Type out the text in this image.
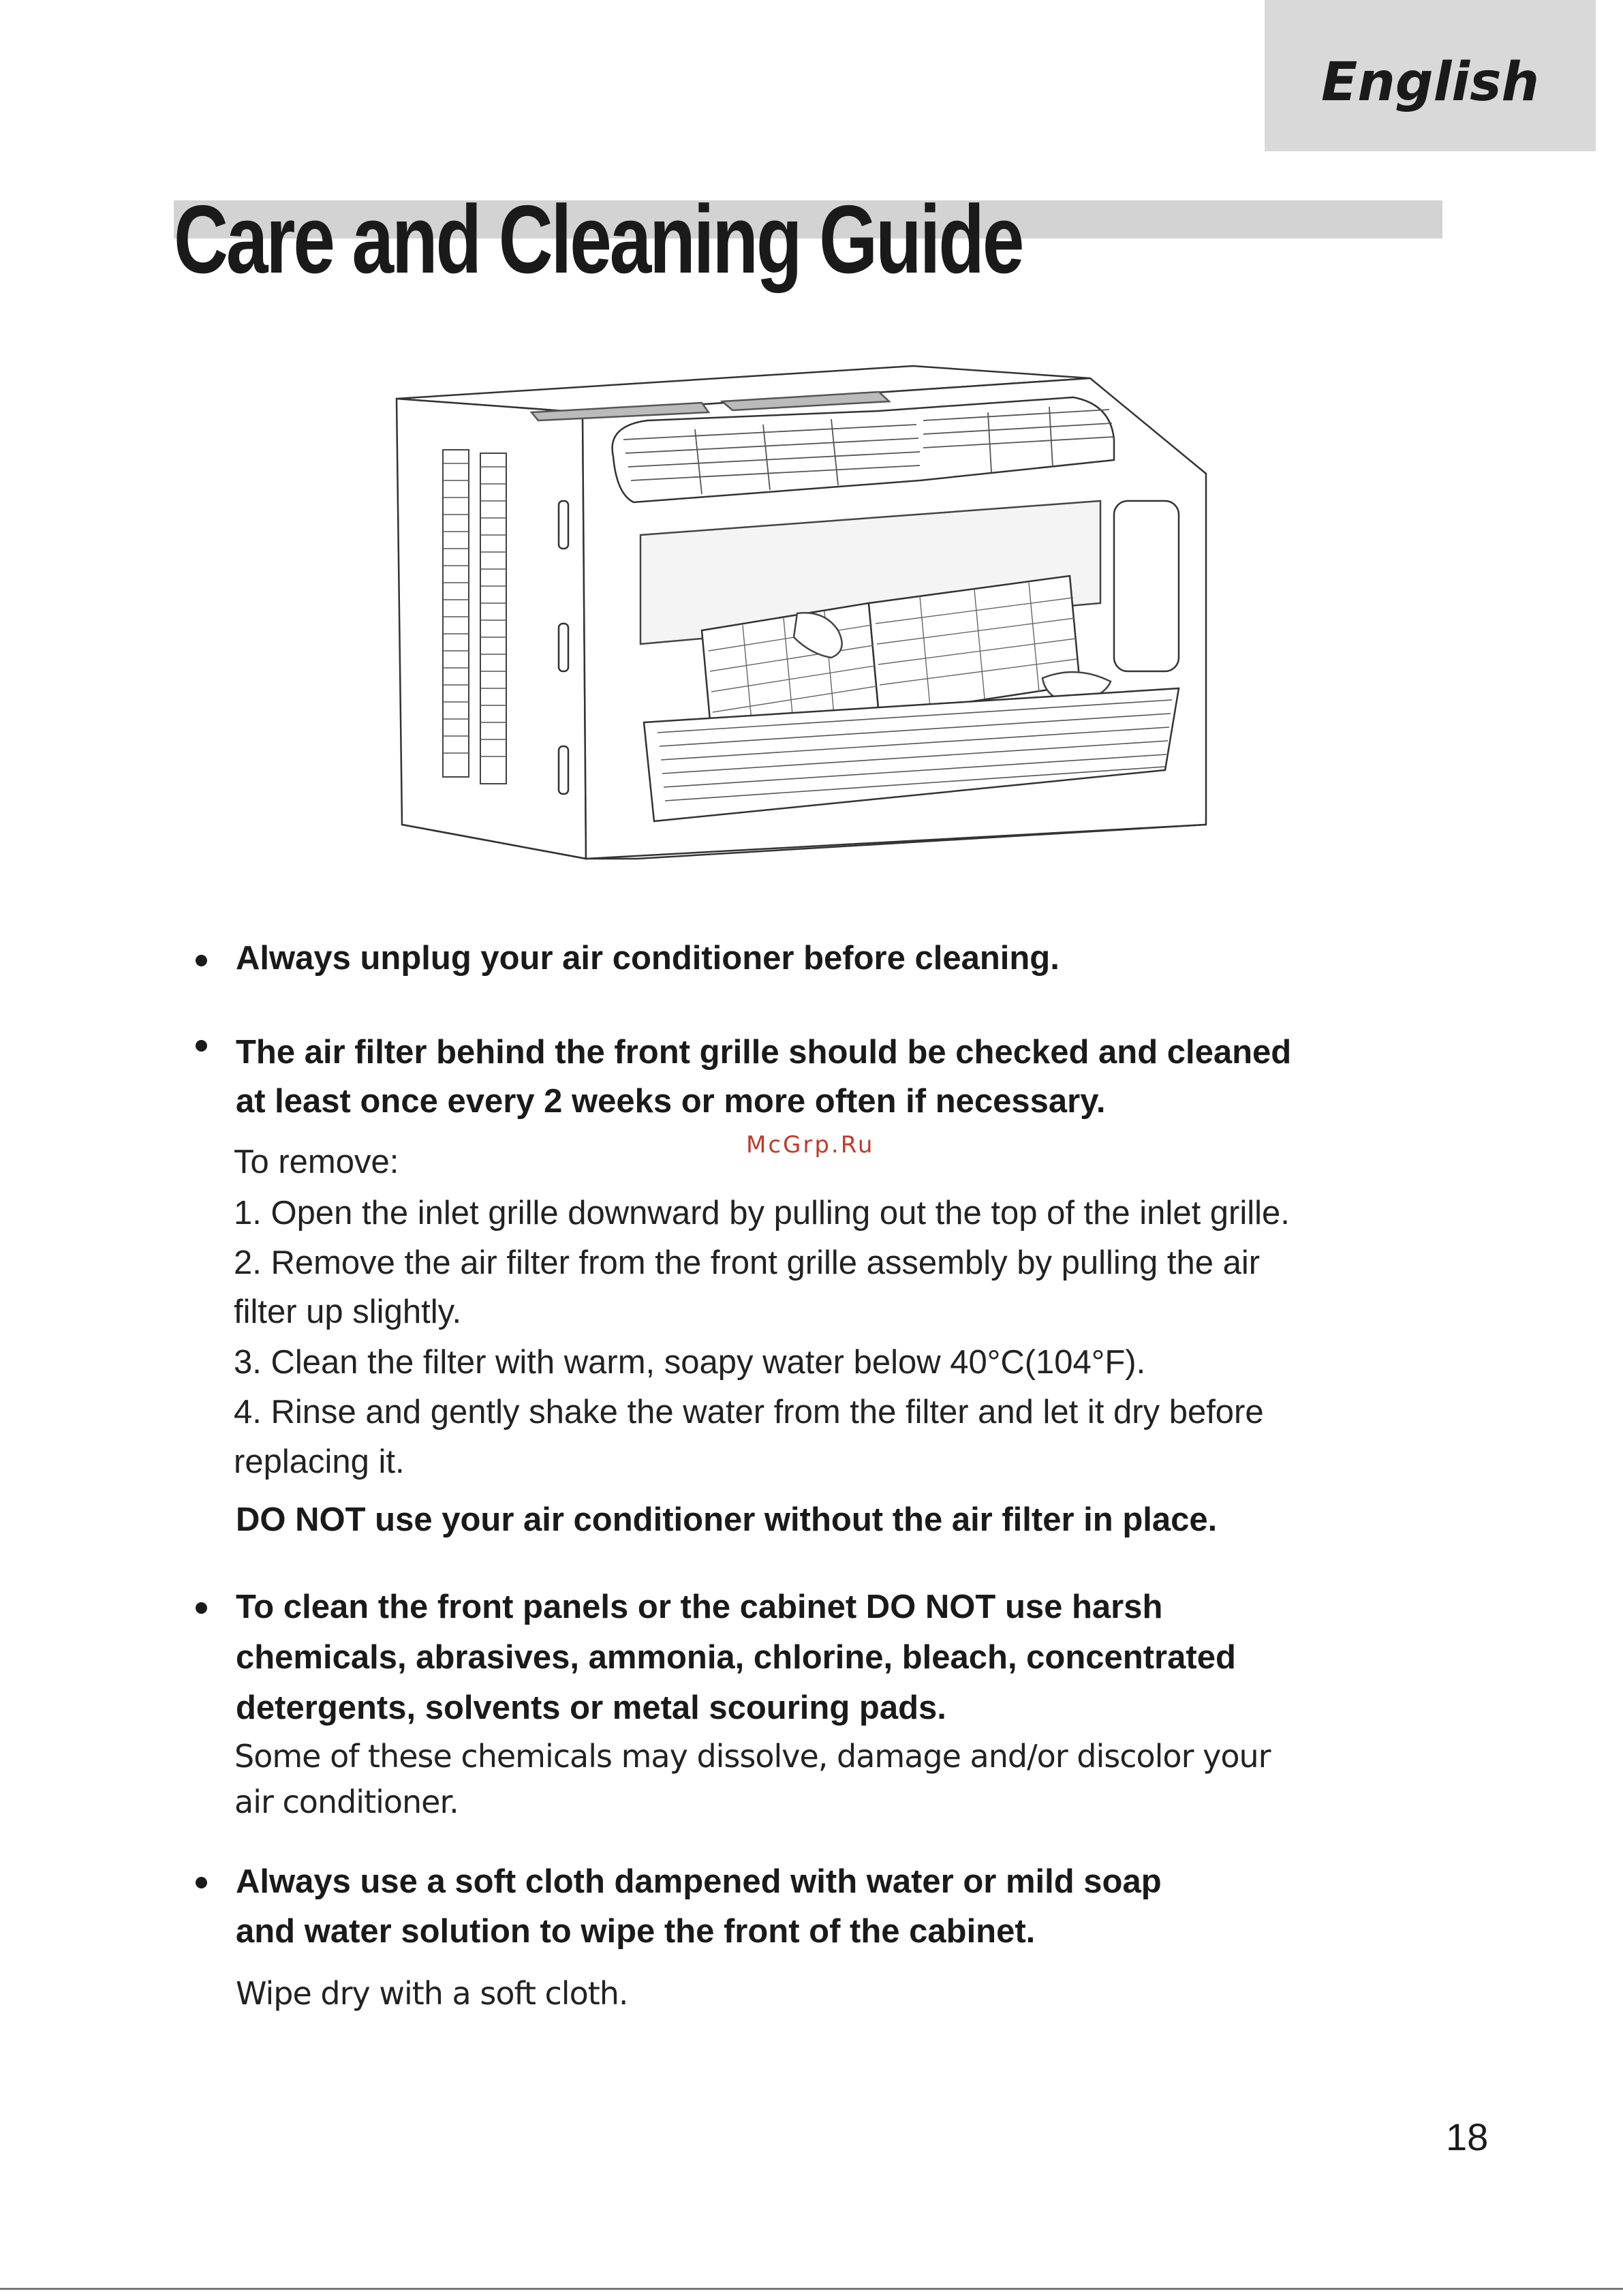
English
Care and Cleaning Guide
McGrp.Ru
Always unplug your air conditioner before cleaning.
The air filter behind the front grille should be checked and cleaned
at least once every 2 weeks or more often if necessary.
To remove:
1. Open the inlet grille downward by pulling out the top of the inlet grille.
2. Remove the air filter from the front grille assembly by pulling the air
filter up slightly.
3. Clean the filter with warm, soapy water below 40°C(104°F).
4. Rinse and gently shake the water from the filter and let it dry before
replacing it.
DO NOT use your air conditioner without the air filter in place.
To clean the front panels or the cabinet DO NOT use harsh
chemicals, abrasives, ammonia, chlorine, bleach, concentrated
detergents, solvents or metal scouring pads.
Some of these chemicals may dissolve, damage and/or discolor your
air conditioner.
Always use a soft cloth dampened with water or mild soap
and water solution to wipe the front of the cabinet.
Wipe dry with a soft cloth.
18
